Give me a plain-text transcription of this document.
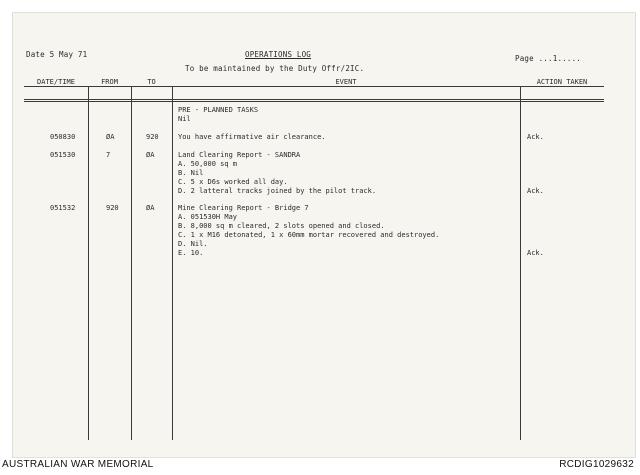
Date 5 May 71	OPERATIONS LOG
To be maintained by the Duty Offr/2IC.
Page ...1.....
DATE/TIME	FROM	TO	EVENT	ACTION TAKEN
PRE - PLANNED TASKS
Nil
050830	ØA	920	You have affirmative air clearance.	Ack.
051530	7	ØA	Land Clearing Report - SANDRA
A. 50,000 sq m
B. Nil
C. 5 x D6s worked all day.
D. 2 latteral tracks joined by the pilot track.	Ack.
051532	920	ØA	Mine Clearing Report - Bridge 7
A. 051530H May
B. 8,000 sq m cleared, 2 slots opened and closed.
C. 1 x M16 detonated, 1 x 60mm mortar recovered and destroyed.
D. Nil.
E. 10.	Ack.
AUSTRALIAN WAR MEMORIAL	RCDIG1029632
